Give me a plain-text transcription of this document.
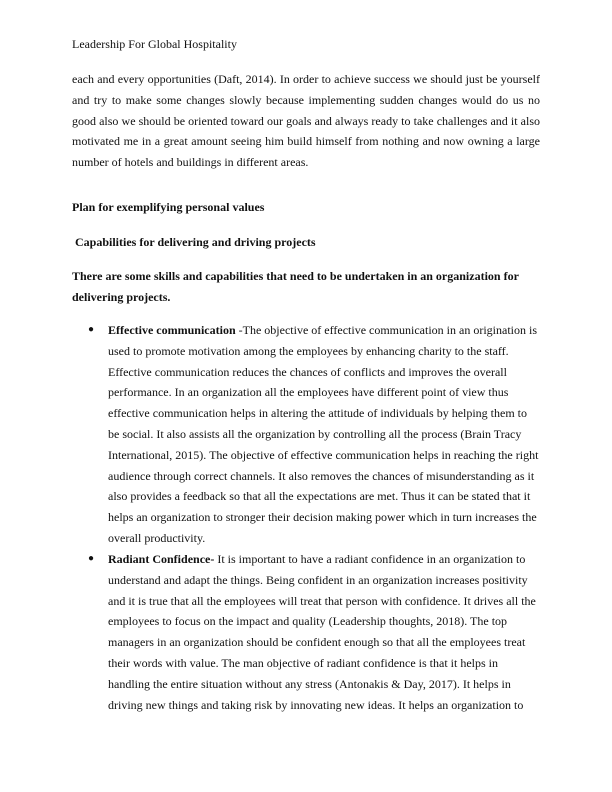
Leadership For Global Hospitality
each and every opportunities (Daft, 2014). In order to achieve success we should just be yourself
and try to make some changes slowly because implementing sudden changes would do us no
good also we should be oriented toward our goals and always ready to take challenges and it also
motivated me in a great amount seeing him build himself from nothing and now owning a large
number of hotels and buildings in different areas.
Plan for exemplifying personal values
Capabilities for delivering and driving projects
There are some skills and capabilities that need to be undertaken in an organization for
delivering projects.
● Effective communication -The objective of effective communication in an origination is
used to promote motivation among the employees by enhancing charity to the staff.
Effective communication reduces the chances of conflicts and improves the overall
performance. In an organization all the employees have different point of view thus
effective communication helps in altering the attitude of individuals by helping them to
be social. It also assists all the organization by controlling all the process (Brain Tracy
International, 2015). The objective of effective communication helps in reaching the right
audience through correct channels. It also removes the chances of misunderstanding as it
also provides a feedback so that all the expectations are met. Thus it can be stated that it
helps an organization to stronger their decision making power which in turn increases the
overall productivity.
● Radiant Confidence- It is important to have a radiant confidence in an organization to
understand and adapt the things. Being confident in an organization increases positivity
and it is true that all the employees will treat that person with confidence. It drives all the
employees to focus on the impact and quality (Leadership thoughts, 2018). The top
managers in an organization should be confident enough so that all the employees treat
their words with value. The man objective of radiant confidence is that it helps in
handling the entire situation without any stress (Antonakis & Day, 2017). It helps in
driving new things and taking risk by innovating new ideas. It helps an organization to
